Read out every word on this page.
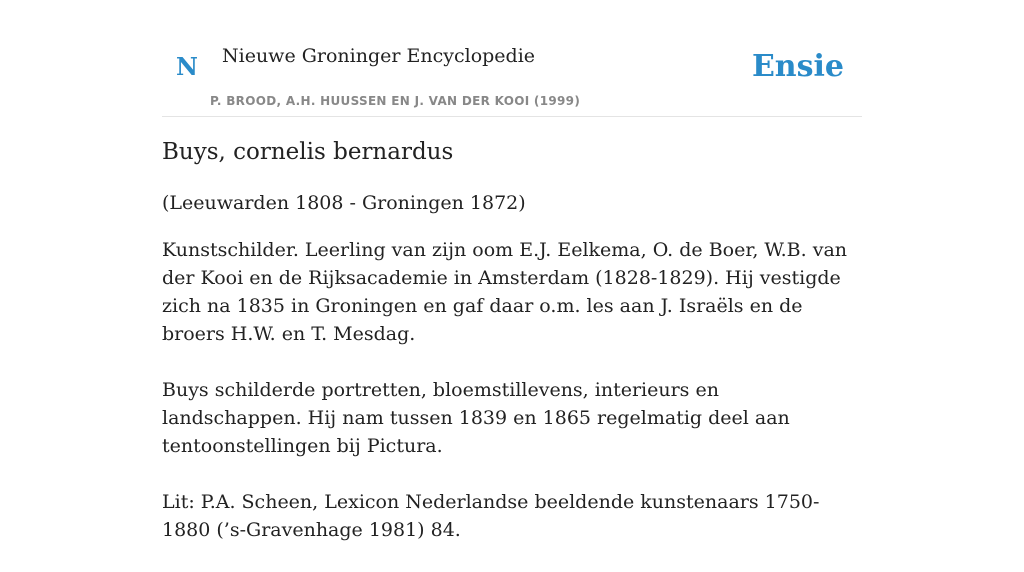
N Nieuwe Groninger Encyclopedie
P. BROOD, A.H. HUUSSEN EN J. VAN DER KOOI (1999)
Ensie
Buys, cornelis bernardus

(Leeuwarden 1808 - Groningen 1872)

Kunstschilder. Leerling van zijn oom E.J. Eelkema, O. de Boer, W.B. van der Kooi en de Rijksacademie in Amsterdam (1828-1829). Hij vestigde zich na 1835 in Groningen en gaf daar o.m. les aan J. Israëls en de broers H.W. en T. Mesdag.

Buys schilderde portretten, bloemstillevens, interieurs en landschappen. Hij nam tussen 1839 en 1865 regelmatig deel aan tentoonstellingen bij Pictura.

Lit: P.A. Scheen, Lexicon Nederlandse beeldende kunstenaars 1750-1880 (’s-Gravenhage 1981) 84.
